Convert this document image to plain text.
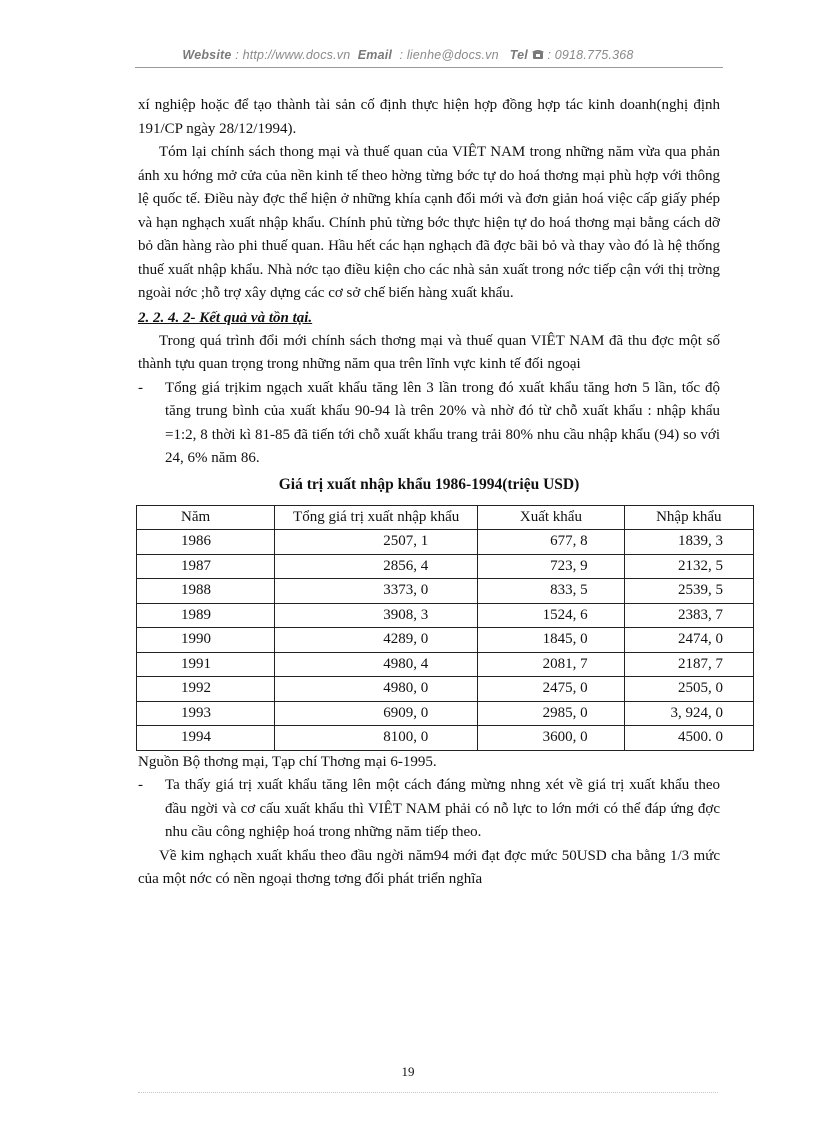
Website : http://www.docs.vn Email : lienhe@docs.vn Tel : 0918.775.368

xí nghiệp hoặc để tạo thành tài sản cố định thực hiện hợp đồng hợp tác kinh doanh(nghị định 191/CP ngày 28/12/1994).

Tóm lại chính sách thong mại và thuế quan của VIÊT NAM trong những năm vừa qua phản ánh xu hớng mở cửa của nền kinh tế theo hờng từng bớc tự do hoá thơng mại phù hợp với thông lệ quốc tế. Điều này đợc thể hiện ở những khía cạnh đổi mới và đơn giản hoá việc cấp giấy phép và hạn nghạch xuất nhập khẩu. Chính phủ từng bớc thực hiện tự do hoá thơng mại bằng cách dỡ bỏ dần hàng rào phi thuế quan. Hầu hết các hạn nghạch đã đợc bãi bỏ và thay vào đó là hệ thống thuế xuất nhập khẩu. Nhà nớc tạo điều kiện cho các nhà sản xuất trong nớc tiếp cận với thị trờng ngoài nớc ;hỗ trợ xây dựng các cơ sở chế biến hàng xuất khẩu.

2. 2. 4. 2- Kết quả và tồn tại.

Trong quá trình đổi mới chính sách thơng mại và thuế quan VIÊT NAM đã thu đợc một số thành tựu quan trọng trong những năm qua trên lĩnh vực kinh tế đối ngoại

- Tổng giá trịkim ngạch xuất khẩu tăng lên 3 lần trong đó xuất khẩu tăng hơn 5 lần, tốc độ tăng trung bình của xuất khẩu 90-94 là trên 20% và nhờ đó từ chỗ xuất khẩu : nhập khẩu =1:2, 8 thời kì 81-85 đã tiến tới chỗ xuất khẩu trang trải 80% nhu cầu nhập khẩu (94) so với 24, 6% năm 86.
Giá trị xuất nhập khẩu 1986-1994(triệu USD)
Năm	Tổng giá trị xuất nhập khẩu	Xuất khẩu	Nhập khẩu
1986	2507, 1	677, 8	1839, 3
1987	2856, 4	723, 9	2132, 5
1988	3373, 0	833, 5	2539, 5
1989	3908, 3	1524, 6	2383, 7
1990	4289, 0	1845, 0	2474, 0
1991	4980, 4	2081, 7	2187, 7
1992	4980, 0	2475, 0	2505, 0
1993	6909, 0	2985, 0	3, 924, 0
1994	8100, 0	3600, 0	4500. 0

Nguồn Bộ thơng mại, Tạp chí Thơng mại 6-1995.

- Ta thấy giá trị xuất khẩu tăng lên một cách đáng mừng nhng xét về giá trị xuất khẩu theo đầu ngời và cơ cấu xuất khẩu thì VIÊT NAM phải có nỗ lực to lớn mới có thể đáp ứng đợc nhu cầu công nghiệp hoá trong những năm tiếp theo.

Về kim nghạch xuất khẩu theo đầu ngời năm94 mới đạt đợc mức 50USD cha bằng 1/3 mức của một nớc có nền ngoại thơng tơng đối phát triển nghĩa

19
